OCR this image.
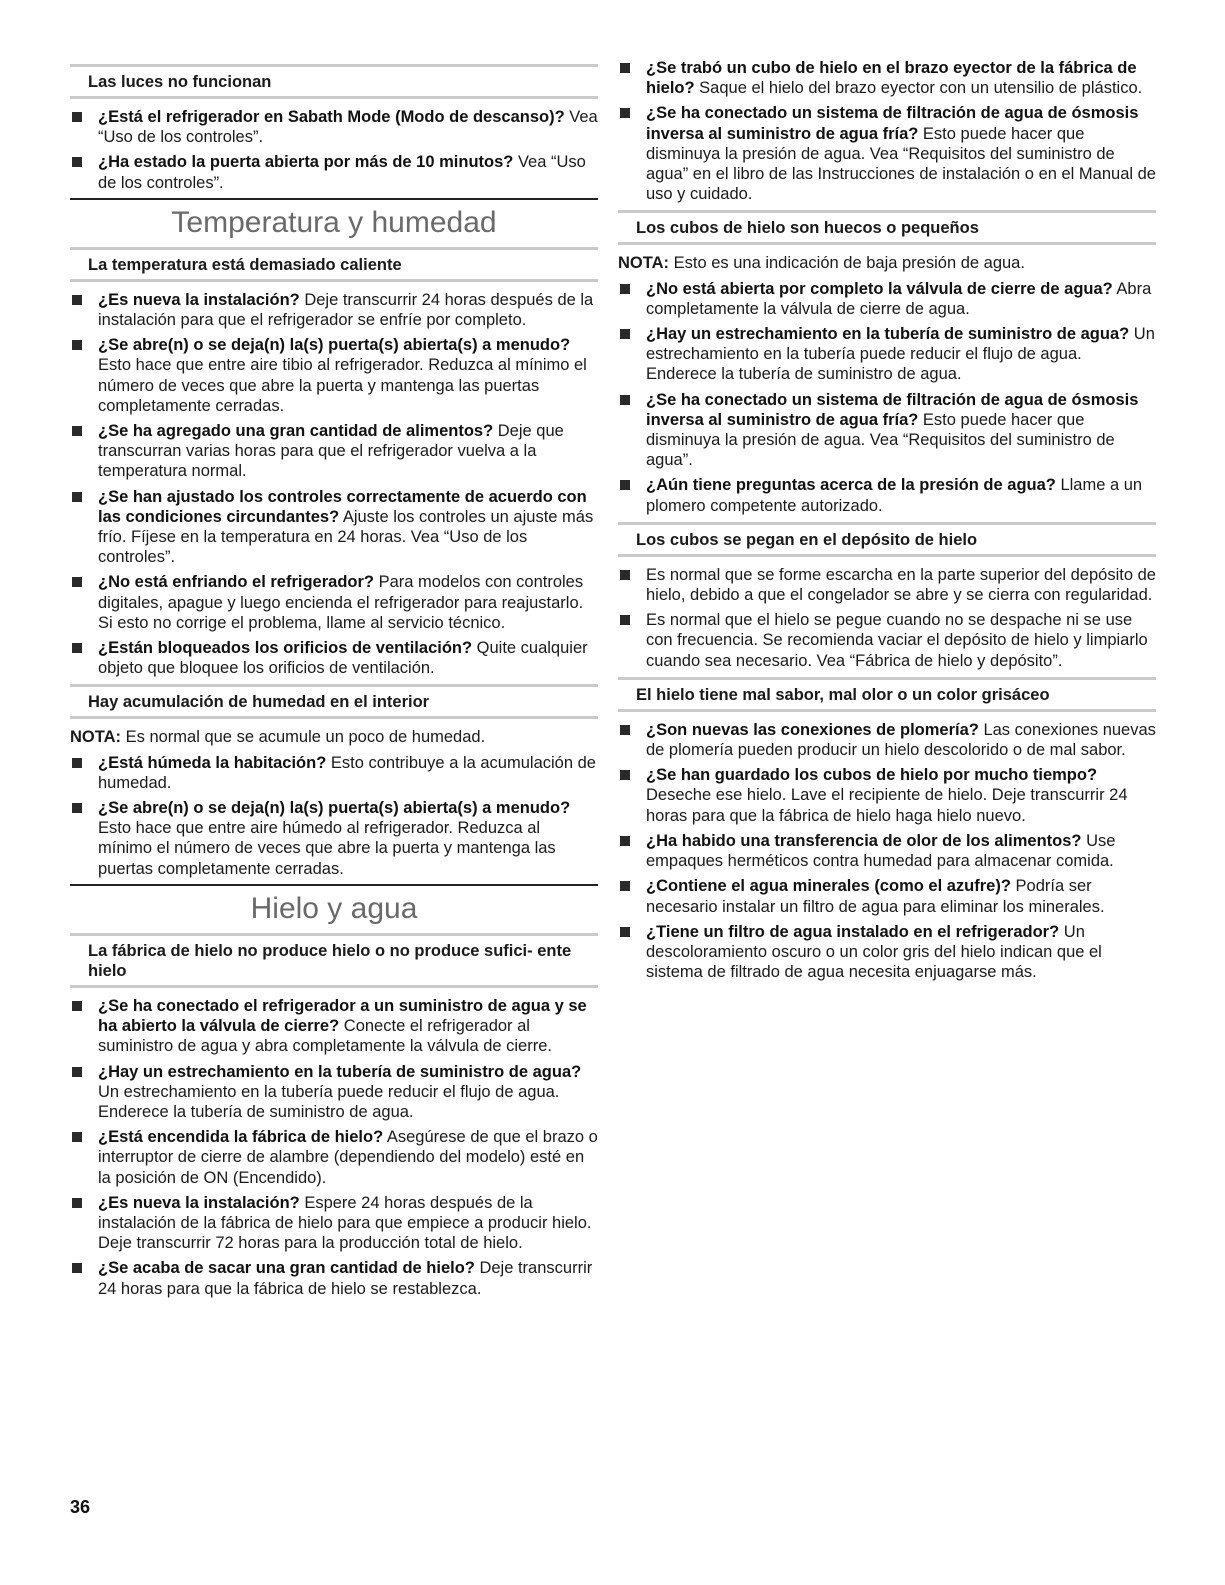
Las luces no funcionan
¿Está el refrigerador en Sabath Mode (Modo de descanso)? Vea “Uso de los controles”.
¿Ha estado la puerta abierta por más de 10 minutos? Vea “Uso de los controles”.
Temperatura y humedad
La temperatura está demasiado caliente
¿Es nueva la instalación? Deje transcurrir 24 horas después de la instalación para que el refrigerador se enfríe por completo.
¿Se abre(n) o se deja(n) la(s) puerta(s) abierta(s) a menudo? Esto hace que entre aire tibio al refrigerador. Reduzca al mínimo el número de veces que abre la puerta y mantenga las puertas completamente cerradas.
¿Se ha agregado una gran cantidad de alimentos? Deje que transcurran varias horas para que el refrigerador vuelva a la temperatura normal.
¿Se han ajustado los controles correctamente de acuerdo con las condiciones circundantes? Ajuste los controles un ajuste más frío. Fíjese en la temperatura en 24 horas. Vea “Uso de los controles”.
¿No está enfriando el refrigerador? Para modelos con controles digitales, apague y luego encienda el refrigerador para reajustarlo. Si esto no corrige el problema, llame al servicio técnico.
¿Están bloqueados los orificios de ventilación? Quite cualquier objeto que bloquee los orificios de ventilación.
Hay acumulación de humedad en el interior

NOTA: Es normal que se acumule un poco de humedad.

¿Está húmeda la habitación? Esto contribuye a la acumulación de humedad.
¿Se abre(n) o se deja(n) la(s) puerta(s) abierta(s) a menudo? Esto hace que entre aire húmedo al refrigerador. Reduzca al mínimo el número de veces que abre la puerta y mantenga las puertas completamente cerradas.
Hielo y agua
La fábrica de hielo no produce hielo o no produce sufici- ente hielo
¿Se ha conectado el refrigerador a un suministro de agua y se ha abierto la válvula de cierre? Conecte el refrigerador al suministro de agua y abra completamente la válvula de cierre.
¿Hay un estrechamiento en la tubería de suministro de agua? Un estrechamiento en la tubería puede reducir el flujo de agua. Enderece la tubería de suministro de agua.
¿Está encendida la fábrica de hielo? Asegúrese de que el brazo o interruptor de cierre de alambre (dependiendo del modelo) esté en la posición de ON (Encendido).
¿Es nueva la instalación? Espere 24 horas después de la instalación de la fábrica de hielo para que empiece a producir hielo. Deje transcurrir 72 horas para la producción total de hielo.
¿Se acaba de sacar una gran cantidad de hielo? Deje transcurrir 24 horas para que la fábrica de hielo se restablezca.
¿Se trabó un cubo de hielo en el brazo eyector de la fábrica de hielo? Saque el hielo del brazo eyector con un utensilio de plástico.
¿Se ha conectado un sistema de filtración de agua de ósmosis inversa al suministro de agua fría? Esto puede hacer que disminuya la presión de agua. Vea “Requisitos del suministro de agua” en el libro de las Instrucciones de instalación o en el Manual de uso y cuidado.
Los cubos de hielo son huecos o pequeños

NOTA: Esto es una indicación de baja presión de agua.

¿No está abierta por completo la válvula de cierre de agua? Abra completamente la válvula de cierre de agua.
¿Hay un estrechamiento en la tubería de suministro de agua? Un estrechamiento en la tubería puede reducir el flujo de agua. Enderece la tubería de suministro de agua.
¿Se ha conectado un sistema de filtración de agua de ósmosis inversa al suministro de agua fría? Esto puede hacer que disminuya la presión de agua. Vea “Requisitos del suministro de agua”.
¿Aún tiene preguntas acerca de la presión de agua? Llame a un plomero competente autorizado.
Los cubos se pegan en el depósito de hielo
Es normal que se forme escarcha en la parte superior del depósito de hielo, debido a que el congelador se abre y se cierra con regularidad.
Es normal que el hielo se pegue cuando no se despache ni se use con frecuencia. Se recomienda vaciar el depósito de hielo y limpiarlo cuando sea necesario. Vea “Fábrica de hielo y depósito”.
El hielo tiene mal sabor, mal olor o un color grisáceo
¿Son nuevas las conexiones de plomería? Las conexiones nuevas de plomería pueden producir un hielo descolorido o de mal sabor.
¿Se han guardado los cubos de hielo por mucho tiempo? Deseche ese hielo. Lave el recipiente de hielo. Deje transcurrir 24 horas para que la fábrica de hielo haga hielo nuevo.
¿Ha habido una transferencia de olor de los alimentos? Use empaques herméticos contra humedad para almacenar comida.
¿Contiene el agua minerales (como el azufre)? Podría ser necesario instalar un filtro de agua para eliminar los minerales.
¿Tiene un filtro de agua instalado en el refrigerador? Un descoloramiento oscuro o un color gris del hielo indican que el sistema de filtrado de agua necesita enjuagarse más.
36
